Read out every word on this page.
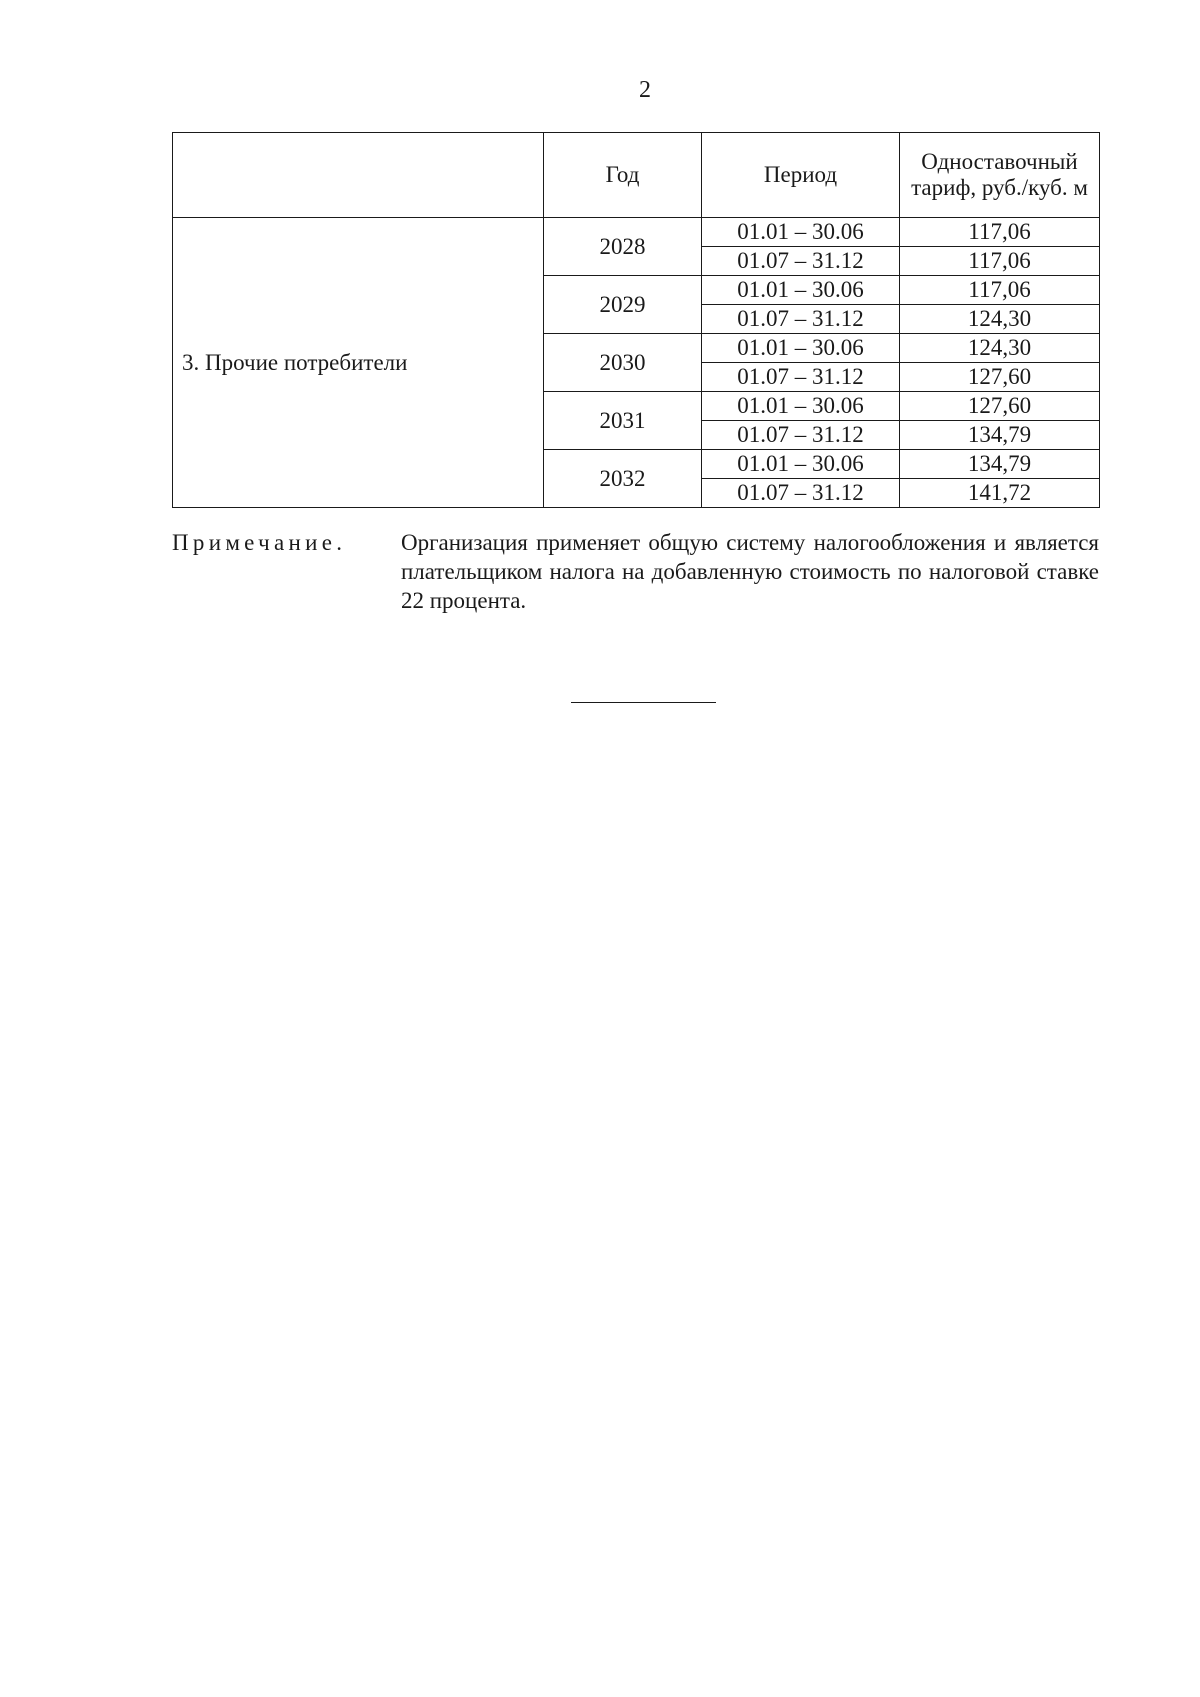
2
	Год	Период	Одноставочный тариф, руб./куб. м
3. Прочие потребители	2028	01.01 – 30.06	117,06
		01.07 – 31.12	117,06
	2029	01.01 – 30.06	117,06
		01.07 – 31.12	124,30
	2030	01.01 – 30.06	124,30
		01.07 – 31.12	127,60
	2031	01.01 – 30.06	127,60
		01.07 – 31.12	134,79
	2032	01.01 – 30.06	134,79
		01.07 – 31.12	141,72
Примечание. Организация применяет общую систему налогообложения и является плательщиком налога на добавленную стоимость по налоговой ставке 22 процента.
